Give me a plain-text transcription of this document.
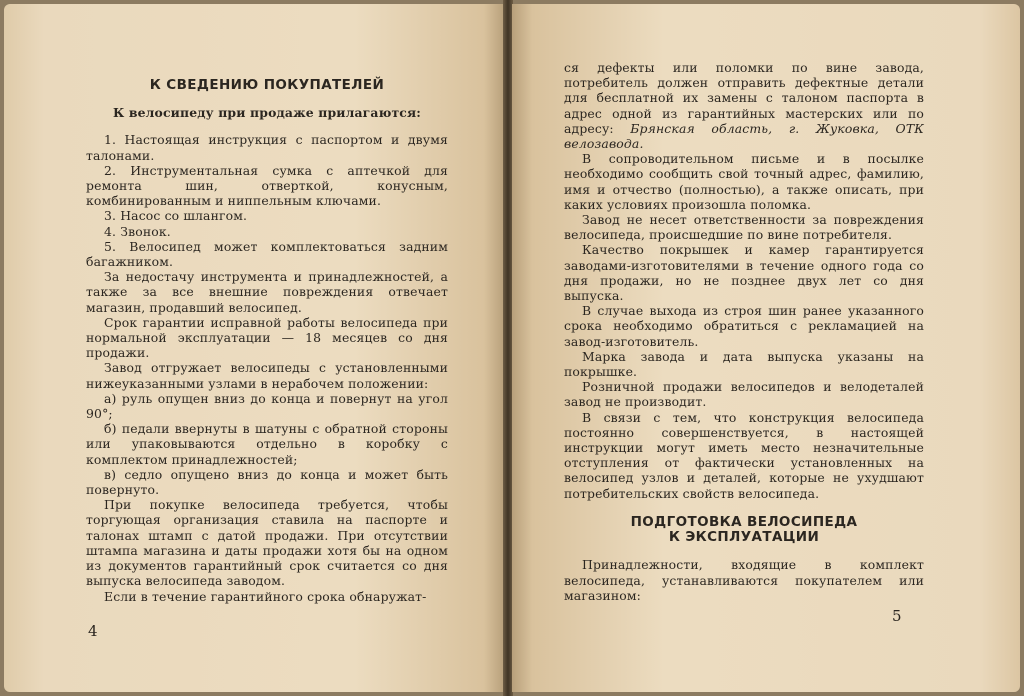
К СВЕДЕНИЮ ПОКУПАТЕЛЕЙ

К велосипеду при продаже прилагаются:

1. Настоящая инструкция с паспортом и двумя талонами.

2. Инструментальная сумка с аптечкой для ремонта шин, отверткой, конусным, комбинированным и ниппельным ключами.

3. Насос со шлангом.

4. Звонок.

5. Велосипед может комплектоваться задним багажником.

За недостачу инструмента и принадлежностей, а также за все внешние повреждения отвечает магазин, продавший велосипед.

Срок гарантии исправной работы велосипеда при нормальной эксплуатации — 18 месяцев со дня продажи.

Завод отгружает велосипеды с установленными нижеуказанными узлами в нерабочем положении:

а) руль опущен вниз до конца и повернут на угол 90°;

б) педали ввернуты в шатуны с обратной стороны или упаковываются отдельно в коробку с комплектом принадлежностей;

в) седло опущено вниз до конца и может быть повернуто.

При покупке велосипеда требуется, чтобы торгующая организация ставила на паспорте и талонах штамп с датой продажи. При отсутствии штампа магазина и даты продажи хотя бы на одном из документов гарантийный срок считается со дня выпуска велосипеда заводом.

Если в течение гарантийного срока обнаружат-

4

ся дефекты или поломки по вине завода, потребитель должен отправить дефектные детали для бесплатной их замены с талоном паспорта в адрес одной из гарантийных мастерских или по адресу: Брянская область, г. Жуковка, ОТК велозавода.

В сопроводительном письме и в посылке необходимо сообщить свой точный адрес, фамилию, имя и отчество (полностью), а также описать, при каких условиях произошла поломка.

Завод не несет ответственности за повреждения велосипеда, происшедшие по вине потребителя.

Качество покрышек и камер гарантируется заводами-изготовителями в течение одного года со дня продажи, но не позднее двух лет со дня выпуска.

В случае выхода из строя шин ранее указанного срока необходимо обратиться с рекламацией на завод-изготовитель.

Марка завода и дата выпуска указаны на покрышке.

Розничной продажи велосипедов и велодеталей завод не производит.

В связи с тем, что конструкция велосипеда постоянно совершенствуется, в настоящей инструкции могут иметь место незначительные отступления от фактически установленных на велосипед узлов и деталей, которые не ухудшают потребительских свойств велосипеда.

ПОДГОТОВКА ВЕЛОСИПЕДА

К ЭКСПЛУАТАЦИИ

Принадлежности, входящие в комплект велосипеда, устанавливаются покупателем или магазином:

5
